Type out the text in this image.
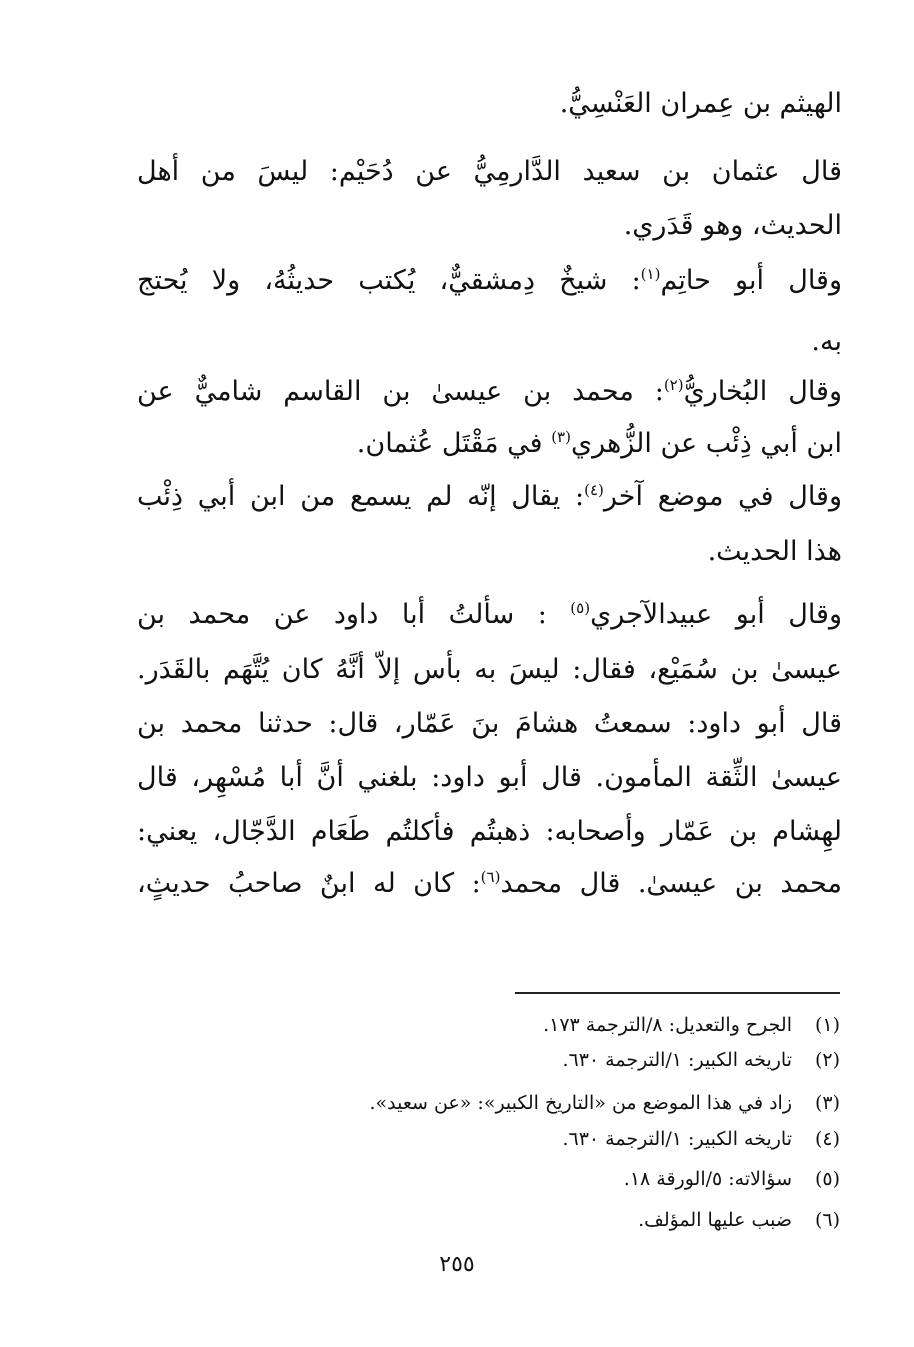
الهيثم بن عِمران العَنْسِيُّ.
قال عثمان بن سعيد الدَّارمِيُّ عن دُحَيْم: ليسَ من أهل
الحديث، وهو قَدَري.
وقال أبو حاتِم$^{(١)}$: شيخٌ دِمشقيٌّ، يُكتب حديثُهُ، ولا يُحتج
به.
وقال البُخاريُّ$^{(٢)}$: محمد بن عيسىٰ بن القاسم شاميٌّ عن
ابن أبي ذِئْب عن الزُّهري$^{(٣)}$ في مَقْتَل عُثمان.
وقال في موضع آخر$^{(٤)}$: يقال إنّه لم يسمع من ابن أبي ذِئْب
هذا الحديث.
وقال أبو عبيدالآجري$^{(٥)}$ : سألتُ أبا داود عن محمد بن
عيسىٰ بن سُمَيْع، فقال: ليسَ به بأس إلاّ أنَّهُ كان يُتَّهَم بالقَدَر.
قال أبو داود: سمعتُ هشامَ بنَ عَمّار، قال: حدثنا محمد بن
عيسىٰ الثِّقة المأمون. قال أبو داود: بلغني أنَّ أبا مُسْهِر، قال
لهِشام بن عَمّار وأصحابه: ذهبتُم فأكلتُم طَعَام الدَّجّال، يعني:
محمد بن عيسىٰ. قال محمد$^{(٦)}$: كان له ابنٌ صاحبُ حديثٍ،
(١)الجرح والتعديل: ٨/الترجمة ١٧٣.
(٢)تاريخه الكبير: ١/الترجمة ٦٣٠.
(٣)زاد في هذا الموضع من «التاريخ الكبير»: «عن سعيد».
(٤)تاريخه الكبير: ١/الترجمة ٦٣٠.
(٥)سؤالاته: ٥/الورقة ١٨.
(٦)ضبب عليها المؤلف.
٢٥٥
